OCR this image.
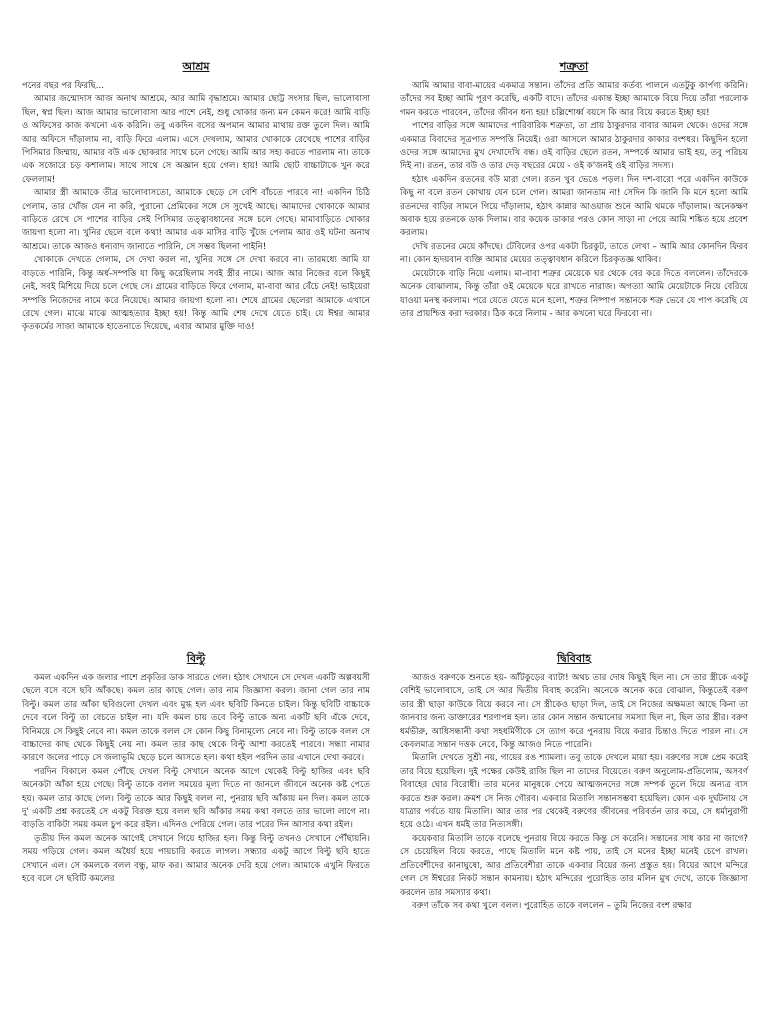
আশ্রম

পনের বছর পর ফিরছি...

আমার জন্মোদাস আজ অনাথ আশ্রমে, আর আমি বৃদ্ধাশ্রমে। আমার ছোট্ট সংসার ছিল, ভালোবাসা ছিল, স্বপ্ন ছিল। আজ আমার ভালোবাসা আর পাশে নেই, শুধু খোকার জন্য মন কেমন করে! আমি বাড়ি ও অফিসের কাজ কখনো এক করিনি। তবু একদিন বসের অপমান আমার মাথায় রক্ত তুলে দিল। আমি আর অফিসে দাঁড়ালাম না, বাড়ি ফিরে এলাম। এসে দেখলাম, আমার খোকাকে রেখেছে পাশের বাড়ির পিসিমার জিম্মায়, আমার বউ এক ছোকরার সাথে চলে গেছে। আমি আর সহ্য করতে পারলাম না। তাকে এক সজোরে চড় কশালাম। সাথে সাথে সে অজ্ঞান হয়ে গেল। হায়! আমি ছোট বাচ্চাটাকে খুন করে ফেললাম!

আমার স্ত্রী আমাকে তীব্র ভালোবাসতো, আমাকে ছেড়ে সে বেশি বাঁচতে পারবে না! একদিন চিঠি পেলাম, তার খোঁজ যেন না করি, পুরানো প্রেমিকের সঙ্গে সে সুখেই আছে। আমাদের খোকাকে আমার বাড়িতে রেখে সে পাশের বাড়ির সেই পিসিমার তত্ত্বাবধানের সঙ্গে চলে গেছে। মামাবাড়িতে খোকার জায়গা হলো না। খুনির ছেলে বলে কথা! আমার এক মাসির বাড়ি খুঁজে পেলাম আর ওই ঘটনা অনাথ আশ্রমে। তাকে আজও ধন্যবাদ জানাতে পারিনি, সে সম্ভব ছিলনা পাইনি!

খোকাকে দেখতে গেলাম, সে দেখা করল না, খুনির সঙ্গে সে দেখা করবে না। তারমধ্যে আমি যা বাড়তে পারিনি, কিন্তু অর্ধ-সম্পত্তি যা কিছু করেছিলাম সবই স্ত্রীর নামে। আজ আর নিজের বলে কিছুই নেই, সবই মিশিয়ে দিয়ে চলে গেছে সে। গ্রামের বাড়িতে ফিরে গেলাম, মা-বাবা আর বেঁচে নেই! ভাইয়েরা সম্পত্তি নিজেদের নামে করে নিয়েছে। আমার জায়গা হলো না। শেষে গ্রামের ছেলেরা আমাকে এখানে রেখে গেল। মাঝে মাঝে আত্মহত্যার ইচ্ছা হয়! কিন্তু আমি শেষ দেখে যেতে চাই। যে ঈশ্বর আমার কৃতকর্মের সাজা আমাকে হাতেনাতে দিয়েছে, এবার আমার মুক্তি দাও!

শত্রুতা

আমি আমার বাবা-মায়ের একমাত্র সন্তান। তাঁদের প্রতি আমার কর্তব্য পালনে এতটুকু কার্পণ্য করিনি। তাঁদের সব ইচ্ছা আমি পূরণ করেছি, একটি বাদে। তাঁদের একান্ত ইচ্ছা আমাকে বিয়ে দিয়ে তাঁরা পরলোক গমন করতে পারবেন, তাঁদের জীবন ধন্য হয়! চল্লিশোর্ধ্ব বয়সে কি আর বিয়ে করতে ইচ্ছা হয়!

পাশের বাড়ির সঙ্গে আমাদের পারিবারিক শত্রুতা, তা প্রায় ঠাকুরদার বাবার আমল থেকে। ওদের সঙ্গে একমাত্র বিবাদের সূত্রপাত সম্পত্তি নিয়েই। ওরা আসলে আমার ঠাকুরদার কাকার বংশধর। কিছুদিন হলো ওদের সঙ্গে আমাদের মুখ দেখাদেখি বন্ধ। ওই বাড়ির ছেলে রতন, সম্পর্কে আমার ভাই হয়, তবু পরিচয় দিই না। রতন, তার বউ ও তার দেড় বছরের মেয়ে - ওই ক'জনই ওই বাড়ির সদস্য।

হঠাৎ একদিন রতনের বউ মারা গেল। রতন খুব ভেঙে পড়ল। দিন দশ-বারো পরে একদিন কাউকে কিছু না বলে রতন কোথায় যেন চলে গেল। আমরা জানতাম না! সেদিন কি জানি কি মনে হলো আমি রতনদের বাড়ির সামনে গিয়ে দাঁড়ালাম, হঠাৎ কান্নার আওয়াজ শুনে আমি থমকে দাঁড়ালাম। অনেকক্ষণ অবাক হয়ে রতনকে ডাক দিলাম। বার কয়েক ডাকার পরও কোন সাড়া না পেয়ে আমি শঙ্কিত হয়ে প্রবেশ করলাম।

দেখি রতনের মেয়ে কাঁদছে। টেবিলের ওপর একটা চিরকুট, তাতে লেখা – আমি আর কোনদিন ফিরব না। কোন হৃদয়বান ব্যক্তি আমার মেয়ের তত্ত্বাবধান করিলে চিরকৃতজ্ঞ থাকিব।

মেয়েটাকে বাড়ি নিয়ে এলাম। মা-বাবা শত্রুর মেয়েকে ঘর থেকে বের করে দিতে বললেন। তাঁদেরকে অনেক বোঝালাম, কিন্তু তাঁরা ওই মেয়েকে ঘরে রাখতে নারাজ। অগত্যা আমি মেয়েটাকে নিয়ে বেরিয়ে যাওয়া মনস্থ করলাম। পরে যেতে যেতে মনে হলো, শত্রুর নিষ্পাপ সন্তানকে শত্রু ভেবে যে পাপ করেছি যে তার প্রায়শ্চিত্ত করা দরকার। ঠিক করে নিলাম - আর কখনো ঘরে ফিরবো না।

বিল্টু

কমল একদিন এক জলার পাশে প্রকৃতির ডাক সারতে গেল। হঠাৎ সেখানে সে দেখল একটি অল্পবয়সী ছেলে বসে বসে ছবি আঁকছে। কমল তার কাছে গেল। তার নাম জিজ্ঞাসা করল। জানা গেল তার নাম বিল্টু। কমল তার আঁকা ছবিগুলো দেখল এবং মুগ্ধ হল এবং ছবিটি কিনতে চাইল। কিন্তু ছবিটি বাচ্চাকে দেবে বলে বিল্টু তা বেচতে চাইল না। যদি কমল চায় তবে বিল্টু তাকে অন্য একটি ছবি এঁকে দেবে, বিনিময়ে সে কিছুই নেবে না। কমল তাকে বলল সে কোন কিছু বিনামূল্যে নেবে না। বিল্টু তাকে বলল সে বাচ্চাদের কাছ থেকে কিছুই নেয় না। কমল তার কাছ থেকে বিল্টু আশা করতেই পারবে। সন্ধ্যা নামার কারণে জলের পাড়ে সে জলাভূমি ছেড়ে চলে আসতে হল। কথা হইল পরদিন তার এখানে দেখা করবে।

পরদিন বিকালে কমল পৌঁছে দেখল বিল্টু সেখানে অনেক আগে থেকেই বিল্টু হাজির এবং ছবি অনেকটা আঁকা হয়ে গেছে। বিল্টু তাকে বলল সময়ের মূল্য দিতে না জানলে জীবনে অনেক কষ্ট পেতে হয়। কমল তার কাছে গেল। বিল্টু তাকে আর কিছুই বলল না, পুনরায় ছবি আঁকায় মন দিল। কমল তাকে দু' একটি প্রশ্ন করতেই সে একটু বিরক্ত হয়ে বলল ছবি আঁকার সময় কথা বলতে তার ভালো লাগে না। বাড়তি বাকিটা সময় কমল চুপ করে রইল। এদিনও পেরিয়ে গেল। তার পরের দিন আসার কথা রইল।

তৃতীয় দিন কমল অনেক আগেই সেখানে গিয়ে হাজির হল। কিন্তু বিল্টু তখনও সেখানে পৌঁছায়নি। সময় গড়িয়ে গেল। কমল অধৈর্য হয়ে পায়চারি করতে লাগল। সন্ধ্যার একটু আগে বিল্টু ছবি হাতে সেখানে এল। সে কমলকে বলল বন্ধু, মাফ কর। আমার অনেক দেরি হয়ে গেল। আমাকে এখুনি ফিরতে হবে বলে সে ছবিটি কমলের

দ্বিবিবাহ

আজও বরুণকে শুনতে হয়- আঁটকুড়ের ব্যাটা! অথচ তার দোষ কিছুই ছিল না। সে তার স্ত্রীকে একটু বেশিই ভালোবাসে, তাই সে আর দ্বিতীয় বিবাহ করেনি। অনেকে অনেক করে বোঝাল, কিন্তুতেই বরুণ তার স্ত্রী ছাড়া কাউকে বিয়ে করবে না। সে স্ত্রীকেও ছাড়া দিল, তাই সে নিজের অক্ষমতা আছে কিনা তা জানবার জন্য ডাক্তারের শরণাপন্ন হল। তার কোন সন্তান জন্মানোর সমস্যা ছিল না, ছিল তার স্ত্রীর। বরুণ ধর্মভীরু, আধিসন্ধানী কথা সহধর্মিণীকে সে ত্যাগ করে পুনরায় বিয়ে করার চিন্তাও দিতে পারল না। সে কেবলমাত্র সন্তান দত্তক নেবে, কিন্তু আজও নিতে পারেনি।

মিতালি দেখতে সুশ্রী নয়, গায়ের রঙ শ্যামলা। তবু তাকে দেখলে মায়া হয়। বরুণের সঙ্গে প্রেম করেই তার বিয়ে হয়েছিল। দুই পক্ষের কেউই রাজি ছিল না তাদের বিয়েতে। বরুণ অনুলোম-প্রতিলোম, অসবর্ণ বিবাহের ঘোর বিরোধী। তার মনের মানুষকে পেয়ে আত্মজনদের সঙ্গে সম্পর্ক তুলে দিয়ে অন্যত্র বাস করতে শুরু করল। ক্রমশ সে নিজ গৌরব। একবার মিতালি সন্তানসম্ভবা হয়েছিল। কোন এক দুর্ঘটনায় সে যাত্রার পর্বতে যায় মিতালি। আর তার পর থেকেই বরুণের জীবনের পরিবর্তন তার করে, সে ধর্মানুরাগী হয়ে ওঠে। এখন ধর্মই তার নিত্যসঙ্গী।

কয়েকবার মিতালি তাকে বলেছে পুনরায় বিয়ে করতে কিন্তু সে করেনি। সন্তানের সাধ কার না জাগে? সে চেয়েছিল বিয়ে করতে, পাছে মিতালি মনে কষ্ট পায়, তাই সে মনের ইচ্ছা মনেই চেপে রাখল। প্রতিবেশীদের কানাঘুষো, আর প্রতিবেশীরা তাকে একবার বিয়ের জন্য প্রস্তুত হয়। বিয়ের আগে মন্দিরে গেল সে ঈশ্বরের নিকট সন্তান কামনায়। হঠাৎ মন্দিরের পুরোহিত তার মলিন মুখ দেখে, তাকে জিজ্ঞাসা করলেন তার সমস্যার কথা।

বরুণ তাঁকে সব কথা খুলে বলল। পুরোহিত তাকে বললেন – তুমি নিজের বংশ রক্ষার
